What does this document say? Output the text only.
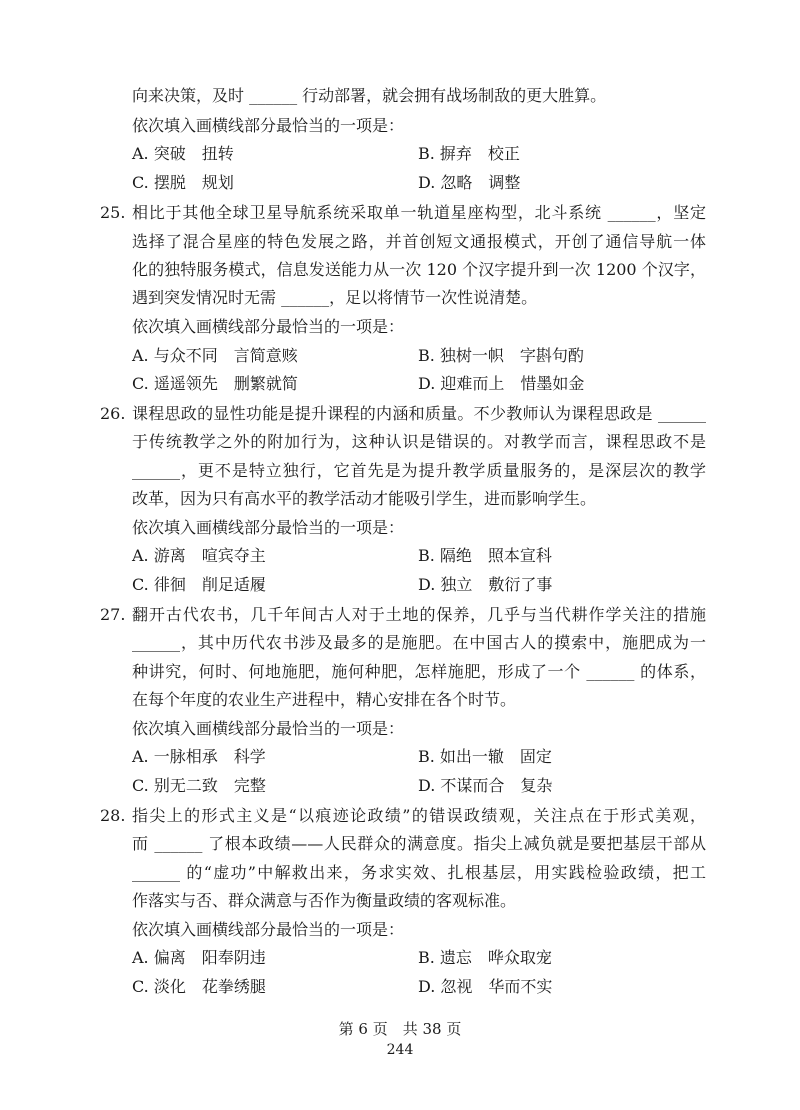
向来决策，及时 ______ 行动部署，就会拥有战场制敌的更大胜算。
依次填入画横线部分最恰当的一项是：
A. 突破　扭转	B. 摒弃　校正
C. 摆脱　规划	D. 忽略　调整
25. 相比于其他全球卫星导航系统采取单一轨道星座构型，北斗系统 ______，坚定
选择了混合星座的特色发展之路，并首创短文通报模式，开创了通信导航一体
化的独特服务模式，信息发送能力从一次 120 个汉字提升到一次 1200 个汉字，
遇到突发情况时无需 ______，足以将情节一次性说清楚。
依次填入画横线部分最恰当的一项是：
A. 与众不同　言简意赅	B. 独树一帜　字斟句酌
C. 遥遥领先　删繁就简	D. 迎难而上　惜墨如金
26. 课程思政的显性功能是提升课程的内涵和质量。不少教师认为课程思政是 ______
于传统教学之外的附加行为，这种认识是错误的。对教学而言，课程思政不是
______，更不是特立独行，它首先是为提升教学质量服务的，是深层次的教学
改革，因为只有高水平的教学活动才能吸引学生，进而影响学生。
依次填入画横线部分最恰当的一项是：
A. 游离　喧宾夺主	B. 隔绝　照本宣科
C. 徘徊　削足适履	D. 独立　敷衍了事
27. 翻开古代农书，几千年间古人对于土地的保养，几乎与当代耕作学关注的措施
______，其中历代农书涉及最多的是施肥。在中国古人的摸索中，施肥成为一
种讲究，何时、何地施肥，施何种肥，怎样施肥，形成了一个 ______ 的体系，
在每个年度的农业生产进程中，精心安排在各个时节。
依次填入画横线部分最恰当的一项是：
A. 一脉相承　科学	B. 如出一辙　固定
C. 别无二致　完整	D. 不谋而合　复杂
28. 指尖上的形式主义是“以痕迹论政绩”的错误政绩观，关注点在于形式美观，
而 ______ 了根本政绩——人民群众的满意度。指尖上减负就是要把基层干部从
______ 的“虚功”中解救出来，务求实效、扎根基层，用实践检验政绩，把工
作落实与否、群众满意与否作为衡量政绩的客观标准。
依次填入画横线部分最恰当的一项是：
A. 偏离　阳奉阴违	B. 遗忘　哗众取宠
C. 淡化　花拳绣腿	D. 忽视　华而不实
第 6 页　共 38 页
244
